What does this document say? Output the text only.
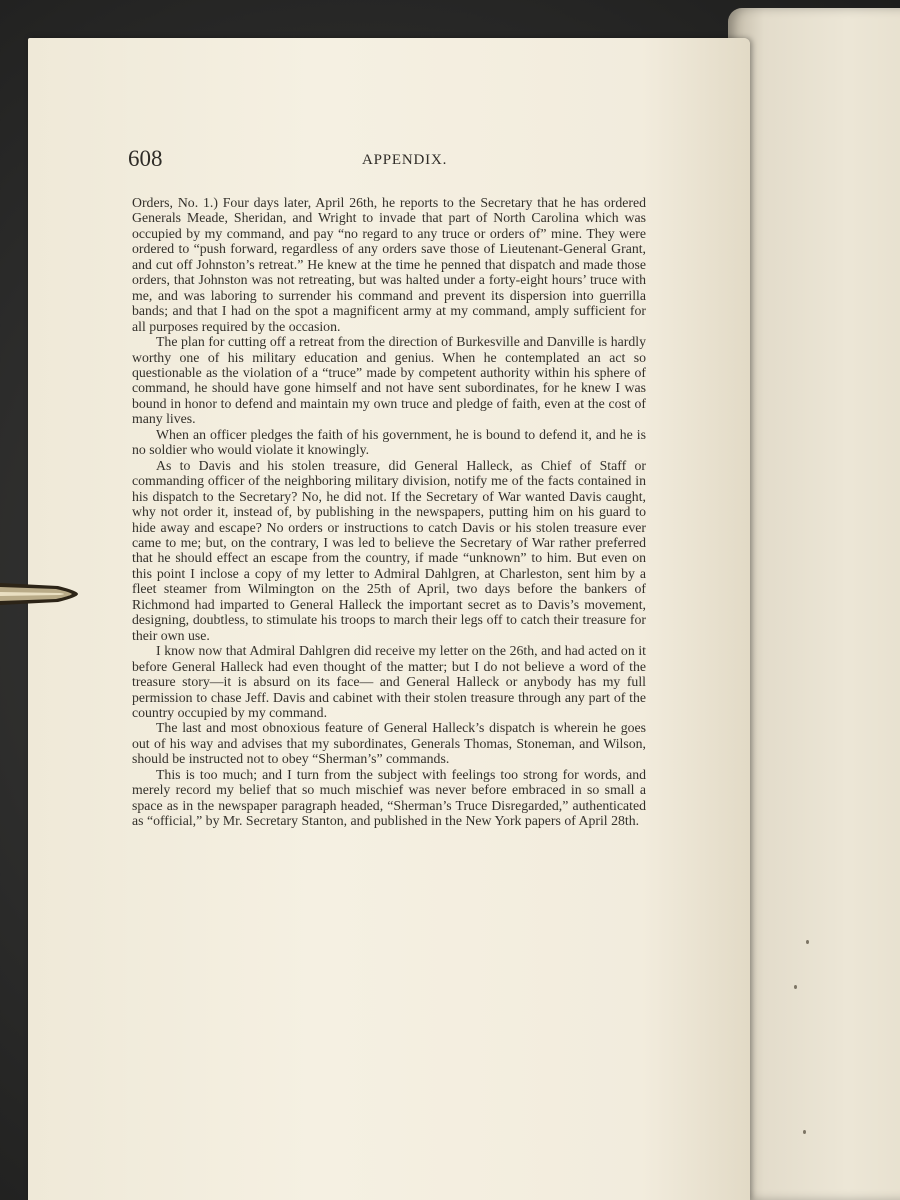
608	APPENDIX.

Orders, No. 1.) Four days later, April 26th, he reports to the Secretary that he has ordered Generals Meade, Sheridan, and Wright to invade that part of North Carolina which was occupied by my command, and pay “no regard to any truce or orders of” mine. They were ordered to “push forward, regardless of any orders save those of Lieutenant-General Grant, and cut off Johnston’s retreat.” He knew at the time he penned that dispatch and made those orders, that Johnston was not retreating, but was halted under a forty-eight hours’ truce with me, and was laboring to surrender his command and prevent its dispersion into guerrilla bands; and that I had on the spot a magnificent army at my command, amply sufficient for all purposes required by the occasion.

The plan for cutting off a retreat from the direction of Burkesville and Danville is hardly worthy one of his military education and genius. When he contemplated an act so questionable as the violation of a “truce” made by competent authority within his sphere of command, he should have gone himself and not have sent subordinates, for he knew I was bound in honor to defend and maintain my own truce and pledge of faith, even at the cost of many lives.

When an officer pledges the faith of his government, he is bound to defend it, and he is no soldier who would violate it knowingly.

As to Davis and his stolen treasure, did General Halleck, as Chief of Staff or commanding officer of the neighboring military division, notify me of the facts contained in his dispatch to the Secretary? No, he did not. If the Secretary of War wanted Davis caught, why not order it, instead of, by publishing in the newspapers, putting him on his guard to hide away and escape? No orders or instructions to catch Davis or his stolen treasure ever came to me; but, on the contrary, I was led to believe the Secretary of War rather preferred that he should effect an escape from the country, if made “unknown” to him. But even on this point I inclose a copy of my letter to Admiral Dahlgren, at Charleston, sent him by a fleet steamer from Wilmington on the 25th of April, two days before the bankers of Richmond had imparted to General Halleck the important secret as to Davis’s movement, designing, doubtless, to stimulate his troops to march their legs off to catch their treasure for their own use.

I know now that Admiral Dahlgren did receive my letter on the 26th, and had acted on it before General Halleck had even thought of the matter; but I do not believe a word of the treasure story—it is absurd on its face— and General Halleck or anybody has my full permission to chase Jeff. Davis and cabinet with their stolen treasure through any part of the country occupied by my command.

The last and most obnoxious feature of General Halleck’s dispatch is wherein he goes out of his way and advises that my subordinates, Generals Thomas, Stoneman, and Wilson, should be instructed not to obey “Sherman’s” commands.

This is too much; and I turn from the subject with feelings too strong for words, and merely record my belief that so much mischief was never before embraced in so small a space as in the newspaper paragraph headed, “Sherman’s Truce Disregarded,” authenticated as “official,” by Mr. Secretary Stanton, and published in the New York papers of April 28th.
